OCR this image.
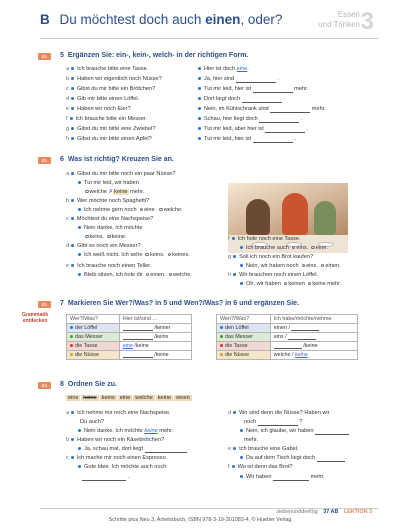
B Du möchtest doch auch einen, oder?	Essen
und Trinken 3
B1	5 Ergänzen Sie: ein-, kein-, welch- in der richtigen Form.
a Ich brauche bitte eine Tasse.
b Haben wir eigentlich noch Nüsse?
c Gibst du mir bitte ein Brötchen?
d Gib mir bitte einen Löffel.
e Haben wir noch Eier?
f Ich brauche bitte ein Messer.
g Gibst du mir bitte eine Zwiebel?
h Gibst du mir bitte einen Apfel?
Hier ist doch eine.
Ja, hier sind	.
Tut mir leid, hier ist	mehr.
Dort liegt doch	.
Nein, im Kühlschrank sind	mehr.
Schau, hier liegt doch	.
Tut mir leid, aber hier ist	.
Tut mir leid, hier ist	.
B1	6 Was ist richtig? Kreuzen Sie an.
a Gibst du mir bitte noch ein paar Nüsse?
Tut mir leid, wir haben
welche ✗keine mehr.
b Wer möchte noch Spaghetti?
Ich nehme gern noch eine. welche.
c Möchtest du eine Nachspeise?
Nein danke, ich möchte
keins. keine.
d Gibt es noch ein Messer?
Ich weiß nicht. Ich sehe keins. keines.
e Ich brauche noch einen Teller.
Bleib sitzen, ich hole dir einen. welche.
f Ich hole noch eine Tasse.
Ich brauche auch eins. eine.
g Soll ich noch ein Brot kaufen?
Nein, wir haben noch eins. einen.
h Wir brauchen noch einen Löffel.
Oh, wir haben keinen keine mehr.
B1	7 Markieren Sie Wer?/Was? in 5 und Wen?/Was? in 6 und ergänzen Sie.
Grammatik
entdecken	Wer?/Was?	Hier ist/sind ...
der Löffel	/keiner
das Messer	/keins
die Tasse	eine /keine
die Nüsse	/keine
Wen?/Was?	Ich habe/möchte/nehme
den Löffel	einen /
das Messer	eins /
die Tasse	/keine
die Nüsse	welche / keine
B2	8 Ordnen Sie zu.
eins keine keins eine welche keine einen
a Ich nehme mir noch eine Nachspeise.
Du auch?
Nein danke. Ich möchte keine mehr.
b Haben wir noch ein Käsebrötchen?
Ja, schau mal, dort liegt	.
c Ich mache mir noch einen Espresso.
Gute Idee. Ich möchte auch noch
.
d Wo sind denn die Nüsse? Haben wir
noch	?
Nein, ich glaube, wir haben
mehr.
e Ich brauche eine Gabel.
Da auf dem Tisch liegt doch	.
f Wo ist denn das Brot?
Wir haben	mehr.
siebenunddreißig 37 AB LEKTION 3
Schritte plus Neu 3, Arbeitsbuch, ISBN 978-3-19-301083-4, © Hueber Verlag
